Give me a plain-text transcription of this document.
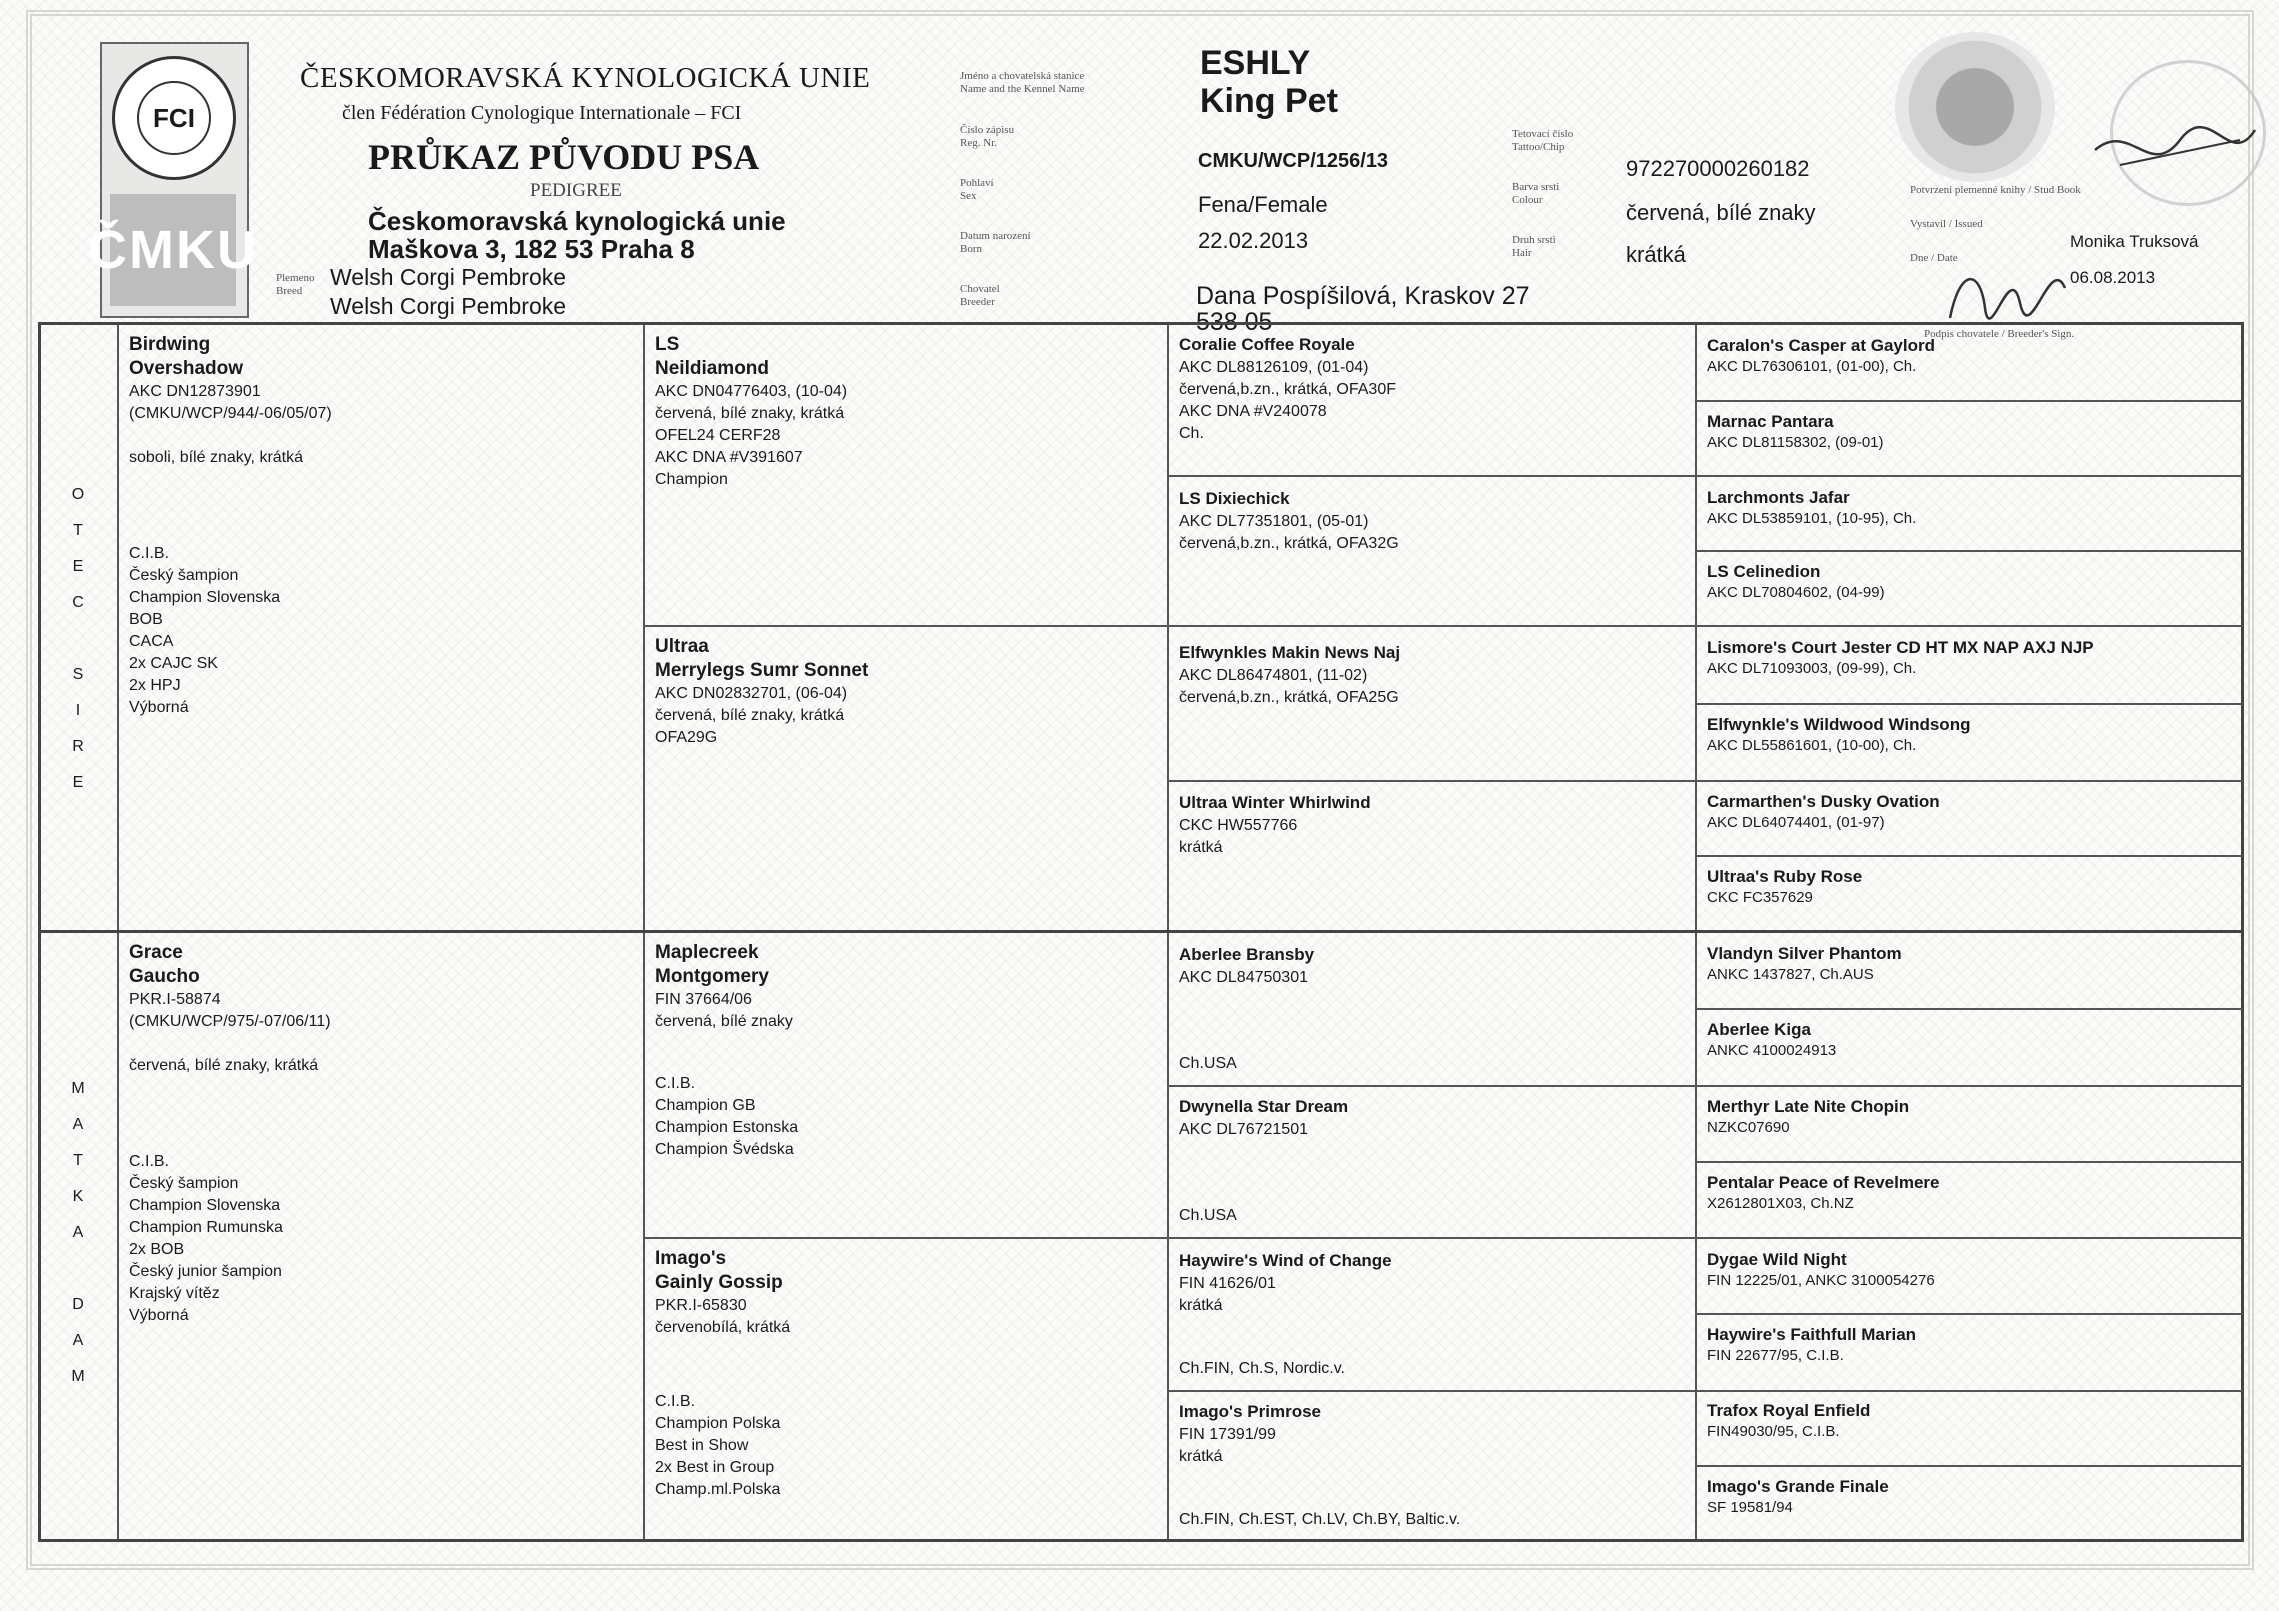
FCI
ČMKU
ČESKOMORAVSKÁ KYNOLOGICKÁ UNIE
člen Fédération Cynologique Internationale – FCI
PRŮKAZ PŮVODU PSA
PEDIGREE
Českomoravská kynologická unie
Maškova 3, 182 53 Praha 8
Plemeno
Breed
Welsh Corgi Pembroke
Welsh Corgi Pembroke
Jméno a chovatelská stanice
Name and the Kennel Name
Číslo zápisu
Reg. Nr.
Pohlaví
Sex
Datum narození
Born
Chovatel
Breeder
ESHLY
King Pet
CMKU/WCP/1256/13
Fena/Female
22.02.2013
Dana Pospíšilová, Kraskov 27
538 05
Tetovací číslo
Tattoo/Chip
Barva srsti
Colour
Druh srsti
Hair
972270000260182
červená, bílé znaky
krátká
Potvrzení plemenné knihy / Stud Book
Vystavil / Issued
Monika Truksová
Dne / Date
06.08.2013
Podpis chovatele / Breeder's Sign.
O
T
E
C
S
I
R
E
M
A
T
K
A
D
A
M
Birdwing
Overshadow
AKC DN12873901
(CMKU/WCP/944/-06/05/07)
soboli, bílé znaky, krátká
C.I.B.
Český šampion
Champion Slovenska
BOB
CACA
2x CAJC SK
2x HPJ
Výborná
Grace
Gaucho
PKR.I-58874
(CMKU/WCP/975/-07/06/11)
červená, bílé znaky, krátká
C.I.B.
Český šampion
Champion Slovenska
Champion Rumunska
2x BOB
Český junior šampion
Krajský vítěz
Výborná
LS
Neildiamond
AKC DN04776403, (10-04)
červená, bílé znaky, krátká
OFEL24 CERF28
AKC DNA #V391607
Champion
Ultraa
Merrylegs Sumr Sonnet
AKC DN02832701, (06-04)
červená, bílé znaky, krátká
OFA29G
Maplecreek
Montgomery
FIN 37664/06
červená, bílé znaky
C.I.B.
Champion GB
Champion Estonska
Champion Švédska
Imago's
Gainly Gossip
PKR.I-65830
červenobílá, krátká
C.I.B.
Champion Polska
Best in Show
2x Best in Group
Champ.ml.Polska
Coralie Coffee Royale
AKC DL88126109, (01-04)
červená,b.zn., krátká, OFA30F
AKC DNA #V240078
Ch.
LS Dixiechick
AKC DL77351801, (05-01)
červená,b.zn., krátká, OFA32G
Elfwynkles Makin News Naj
AKC DL86474801, (11-02)
červená,b.zn., krátká, OFA25G
Ultraa Winter Whirlwind
CKC HW557766
krátká
Aberlee Bransby
AKC DL84750301
Ch.USA
Dwynella Star Dream
AKC DL76721501
Ch.USA
Haywire's Wind of Change
FIN 41626/01
krátká
Ch.FIN, Ch.S, Nordic.v.
Imago's Primrose
FIN 17391/99
krátká
Ch.FIN, Ch.EST, Ch.LV, Ch.BY, Baltic.v.
Caralon's Casper at Gaylord
AKC DL76306101, (01-00), Ch.
Marnac Pantara
AKC DL81158302, (09-01)
Larchmonts Jafar
AKC DL53859101, (10-95), Ch.
LS Celinedion
AKC DL70804602, (04-99)
Lismore's Court Jester CD HT MX NAP AXJ NJP
AKC DL71093003, (09-99), Ch.
Elfwynkle's Wildwood Windsong
AKC DL55861601, (10-00), Ch.
Carmarthen's Dusky Ovation
AKC DL64074401, (01-97)
Ultraa's Ruby Rose
CKC FC357629
Vlandyn Silver Phantom
ANKC 1437827, Ch.AUS
Aberlee Kiga
ANKC 4100024913
Merthyr Late Nite Chopin
NZKC07690
Pentalar Peace of Revelmere
X2612801X03, Ch.NZ
Dygae Wild Night
FIN 12225/01, ANKC 3100054276
Haywire's Faithfull Marian
FIN 22677/95, C.I.B.
Trafox Royal Enfield
FIN49030/95, C.I.B.
Imago's Grande Finale
SF 19581/94
